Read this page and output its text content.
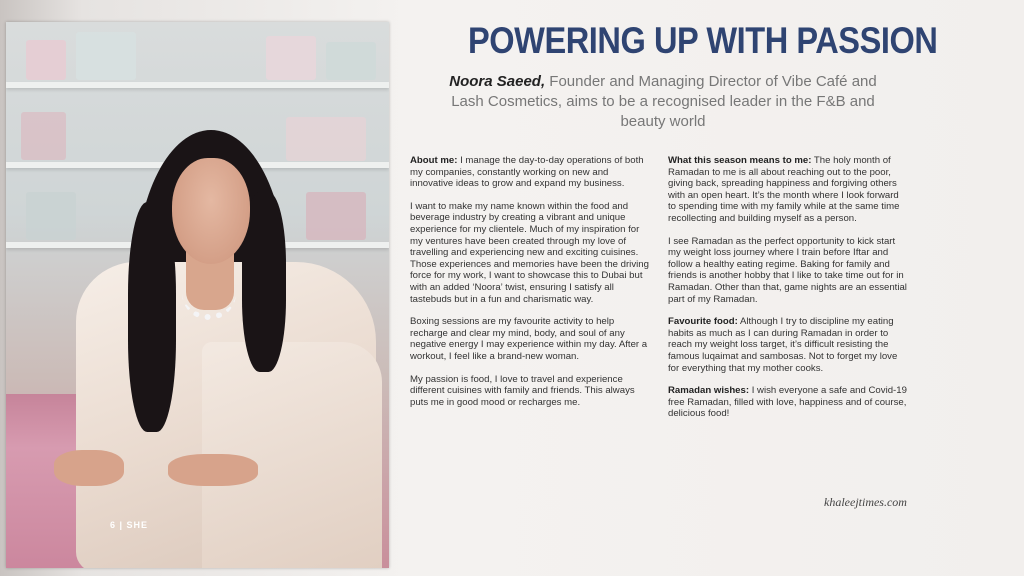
6 | SHE
POWERING UP WITH PASSION
Noora Saeed, Founder and Managing Director of Vibe Café and Lash Cosmetics, aims to be a recognised leader in the F&B and beauty world

About me: I manage the day-to-day operations of both my companies, constantly working on new and innovative ideas to grow and expand my business.

I want to make my name known within the food and beverage industry by creating a vibrant and unique experience for my clientele. Much of my inspiration for my ventures have been created through my love of travelling and experiencing new and exciting cuisines. Those experiences and memories have been the driving force for my work, I want to showcase this to Dubai but with an added ‘Noora’ twist, ensuring I satisfy all tastebuds but in a fun and charismatic way.

Boxing sessions are my favourite activity to help recharge and clear my mind, body, and soul of any negative energy I may experience within my day. After a workout, I feel like a brand-new woman.

My passion is food, I love to travel and experience different cuisines with family and friends. This always puts me in good mood or recharges me.

What this season means to me: The holy month of Ramadan to me is all about reaching out to the poor, giving back, spreading happiness and forgiving others with an open heart. It’s the month where I look forward to spending time with my family while at the same time recollecting and building myself as a person.

I see Ramadan as the perfect opportunity to kick start my weight loss journey where I train before Iftar and follow a healthy eating regime. Baking for family and friends is another hobby that I like to take time out for in Ramadan. Other than that, game nights are an essential part of my Ramadan.

Favourite food: Although I try to discipline my eating habits as much as I can during Ramadan in order to reach my weight loss target, it’s difficult resisting the famous luqaimat and sambosas. Not to forget my love for everything that my mother cooks.

Ramadan wishes: I wish everyone a safe and Covid-19 free Ramadan, filled with love, happiness and of course, delicious food!

khaleejtimes.com
